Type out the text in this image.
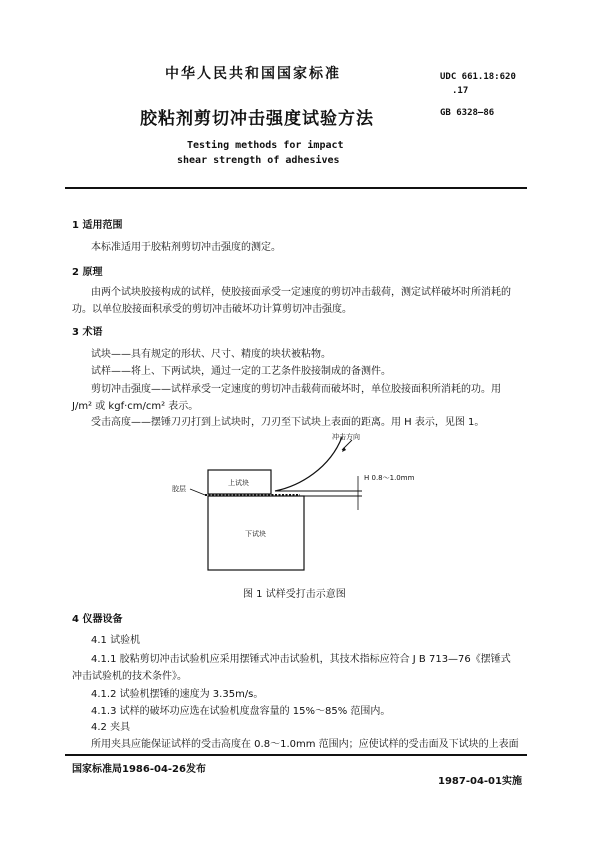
中华人民共和国国家标准	UDC 661.18:620
.17
GB 6328—86
胶粘剂剪切冲击强度试验方法
Testing methods for impact
shear strength of adhesives
1 适用范围
本标准适用于胶粘剂剪切冲击强度的测定。
2 原理
由两个试块胶接构成的试样，使胶接面承受一定速度的剪切冲击载荷，测定试样破坏时所消耗的
功。以单位胶接面积承受的剪切冲击破坏功计算剪切冲击强度。
3 术语
试块——具有规定的形状、尺寸、精度的块状被粘物。
试样——将上、下两试块，通过一定的工艺条件胶接制成的备测件。
剪切冲击强度——试样承受一定速度的剪切冲击载荷而破坏时，单位胶接面积所消耗的功。用
J/m² 或 kgf·cm/cm² 表示。
受击高度——摆锤刀刃打到上试块时，刀刃至下试块上表面的距离。用 H 表示，见图 1。
冲击方向
H 0.8～1.0mm
胶层
上试块
下试块
图 1 试样受打击示意图
4 仪器设备
4.1 试验机
4.1.1 胶粘剪切冲击试验机应采用摆锤式冲击试验机，其技术指标应符合 J B 713—76《摆锤式
冲击试验机的技术条件》。
4.1.2 试验机摆锤的速度为 3.35m/s。
4.1.3 试样的破坏功应选在试验机度盘容量的 15%～85% 范围内。
4.2 夹具
所用夹具应能保证试样的受击高度在 0.8～1.0mm 范围内；应使试样的受击面及下试块的上表面
国家标准局1986-04-26发布
1987-04-01实施
